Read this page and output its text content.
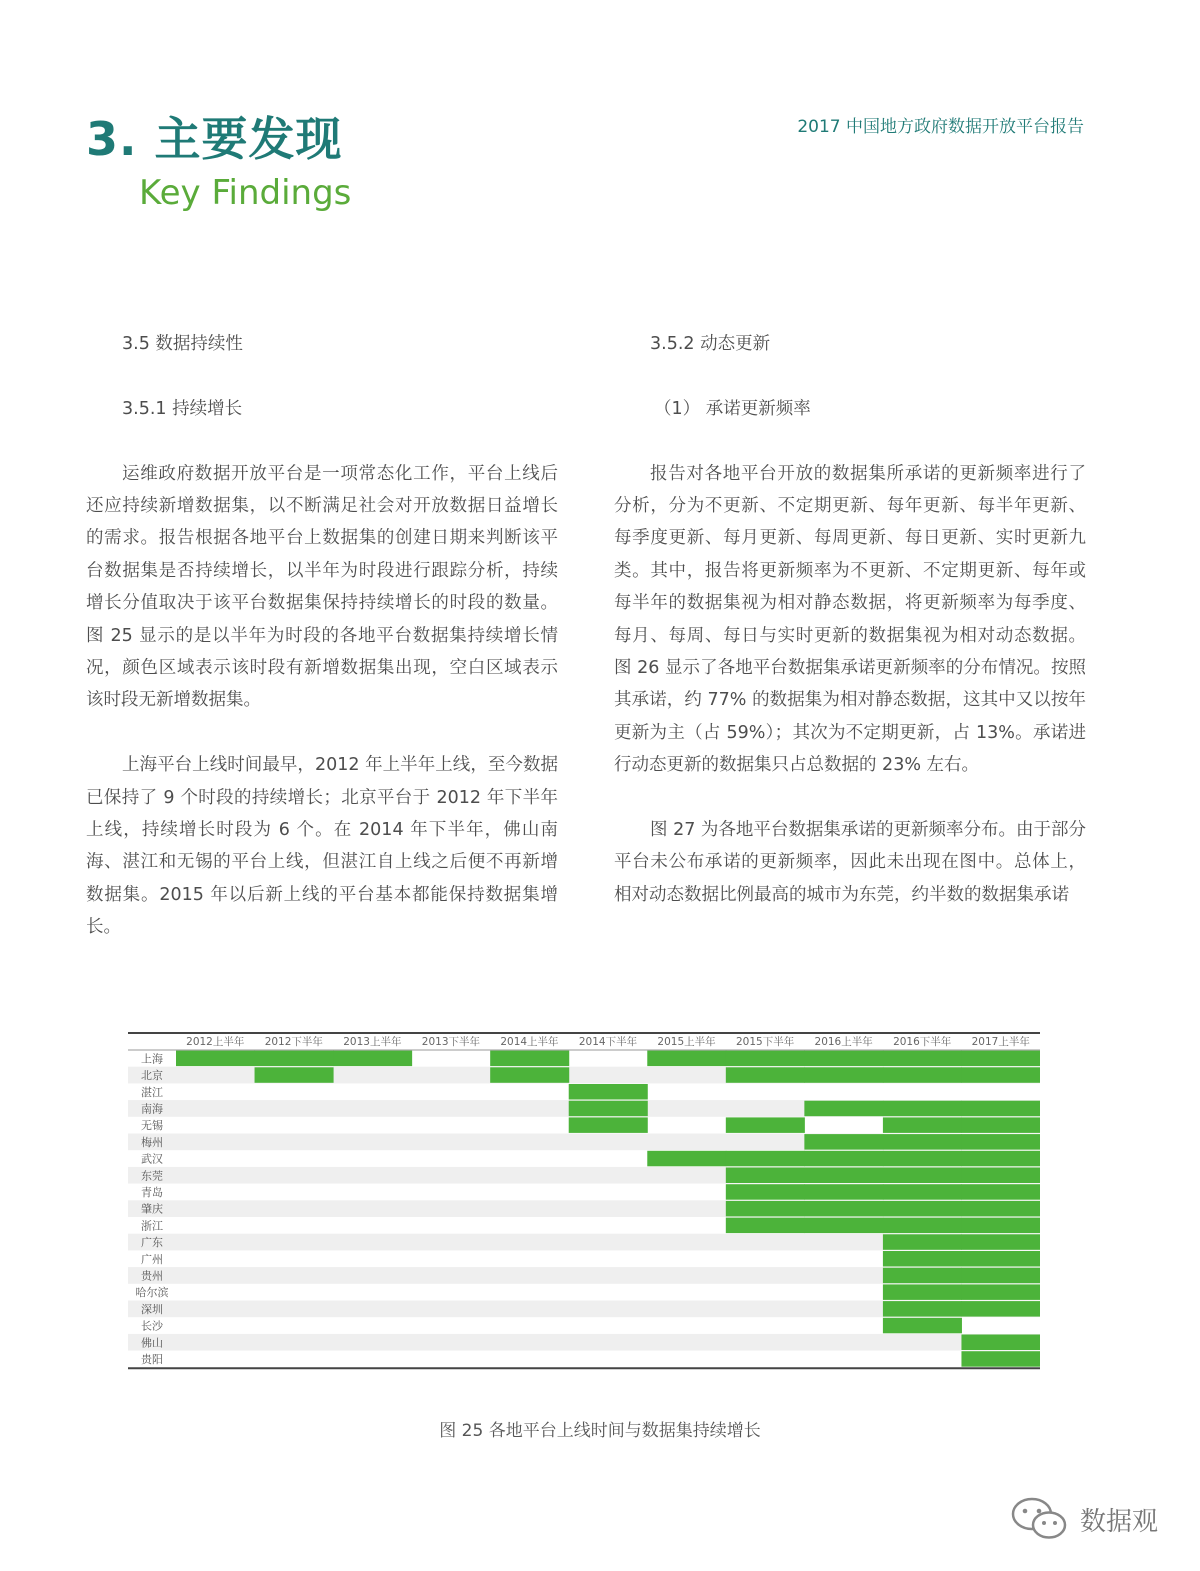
3. 主要发现
Key Findings
2017 中国地方政府数据开放平台报告
3.5 数据持续性
3.5.1 持续增长

运维政府数据开放平台是一项常态化工作，平台上线后还应持续新增数据集，以不断满足社会对开放数据日益增长的需求。报告根据各地平台上数据集的创建日期来判断该平台数据集是否持续增长，以半年为时段进行跟踪分析，持续增长分值取决于该平台数据集保持持续增长的时段的数量。图 25 显示的是以半年为时段的各地平台数据集持续增长情况，颜色区域表示该时段有新增数据集出现，空白区域表示该时段无新增数据集。

上海平台上线时间最早，2012 年上半年上线，至今数据已保持了 9 个时段的持续增长；北京平台于 2012 年下半年上线，持续增长时段为 6 个。在 2014 年下半年，佛山南海、湛江和无锡的平台上线，但湛江自上线之后便不再新增数据集。2015 年以后新上线的平台基本都能保持数据集增长。

3.5.2 动态更新
（1） 承诺更新频率

报告对各地平台开放的数据集所承诺的更新频率进行了分析，分为不更新、不定期更新、每年更新、每半年更新、每季度更新、每月更新、每周更新、每日更新、实时更新九类。其中，报告将更新频率为不更新、不定期更新、每年或每半年的数据集视为相对静态数据，将更新频率为每季度、每月、每周、每日与实时更新的数据集视为相对动态数据。图 26 显示了各地平台数据集承诺更新频率的分布情况。按照其承诺，约 77% 的数据集为相对静态数据，这其中又以按年更新为主（占 59%）；其次为不定期更新，占 13%。承诺进行动态更新的数据集只占总数据的 23% 左右。

图 27 为各地平台数据集承诺的更新频率分布。由于部分平台未公布承诺的更新频率，因此未出现在图中。总体上，相对动态数据比例最高的城市为东莞，约半数的数据集承诺

2012上半年 2012下半年 2013上半年 2013下半年 2014上半年 2014下半年 2015上半年 2015下半年 2016上半年 2016下半年 2017上半年
上海
北京
湛江
南海
无锡
梅州
武汉
东莞
青岛
肇庆
浙江
广东
广州
贵州
哈尔滨
深圳
长沙
佛山
贵阳
图 25 各地平台上线时间与数据集持续增长
数据观
